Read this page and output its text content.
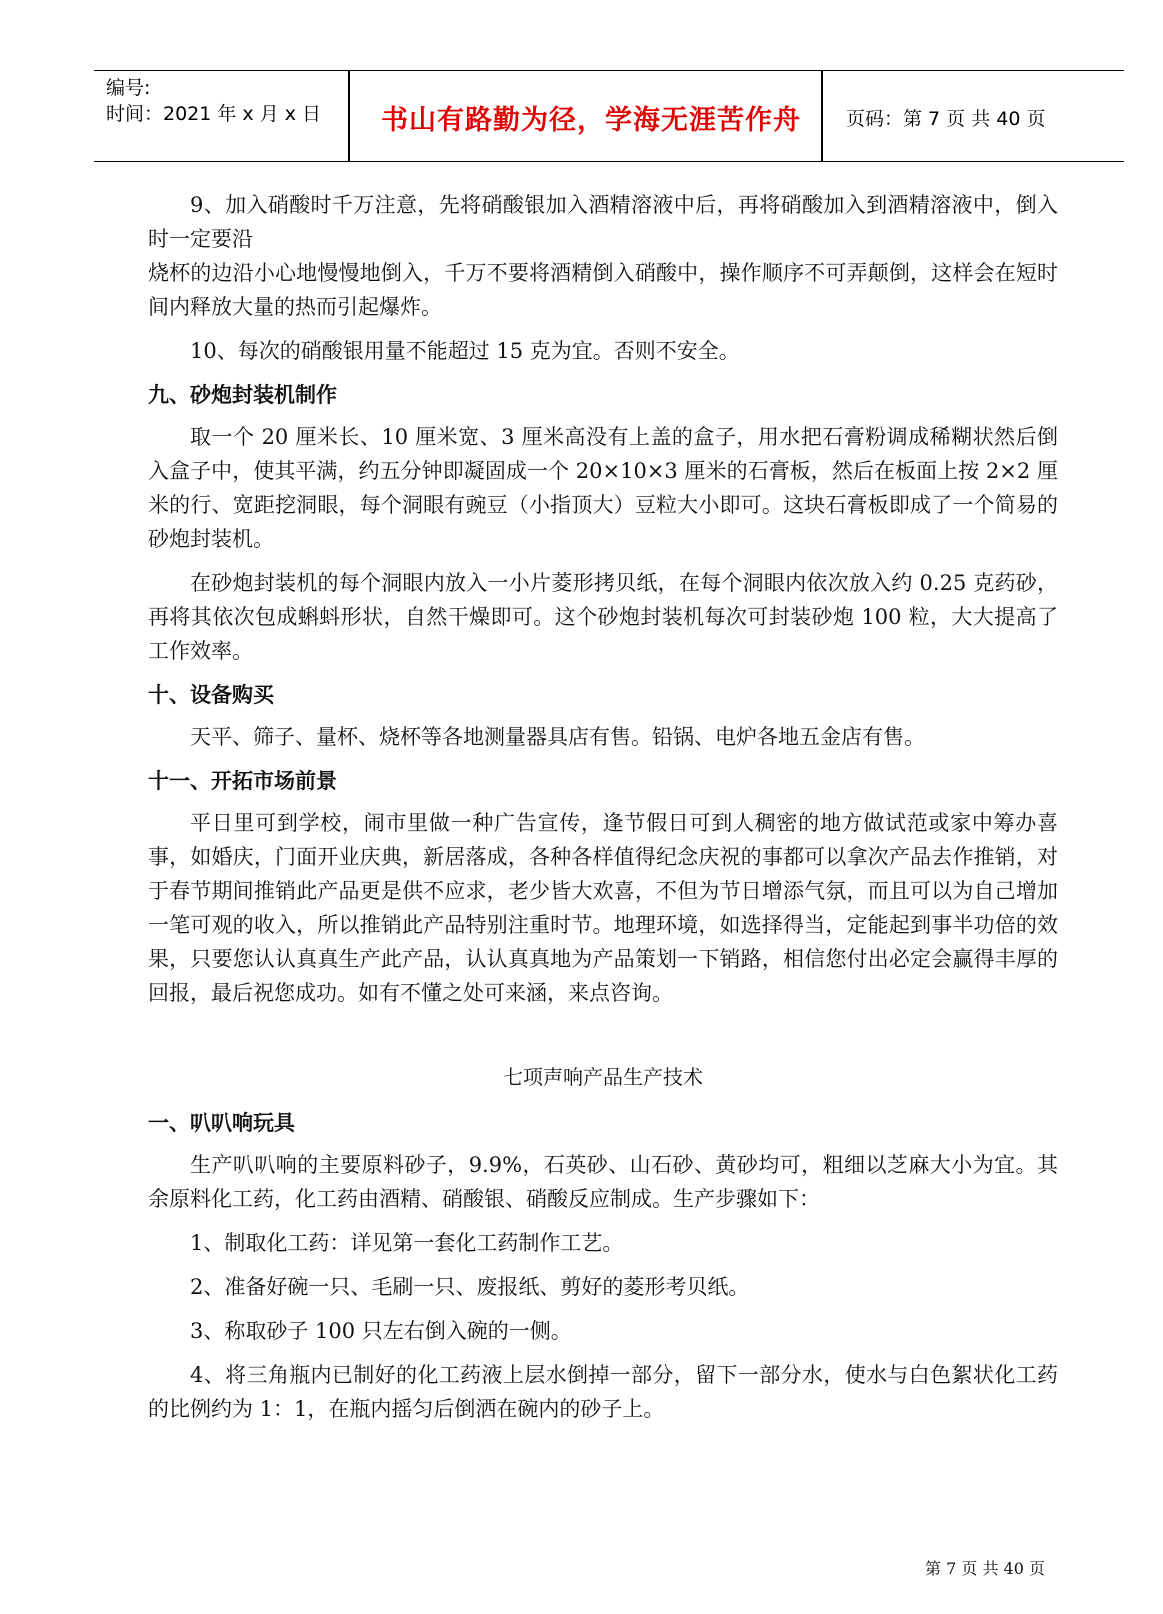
编号:
时间：2021 年 x 月 x 日	书山有路勤为径，学海无涯苦作舟	页码：第 7 页 共 40 页

9、加入硝酸时千万注意，先将硝酸银加入酒精溶液中后，再将硝酸加入到酒精溶液中，倒入时一定要沿

烧杯的边沿小心地慢慢地倒入，千万不要将酒精倒入硝酸中，操作顺序不可弄颠倒，这样会在短时间内释放大量的热而引起爆炸。

10、每次的硝酸银用量不能超过 15 克为宜。否则不安全。

九、砂炮封装机制作

取一个 20 厘米长、10 厘米宽、3 厘米高没有上盖的盒子，用水把石膏粉调成稀糊状然后倒入盒子中，使其平满，约五分钟即凝固成一个 20×10×3 厘米的石膏板，然后在板面上按 2×2 厘米的行、宽距挖洞眼，每个洞眼有豌豆（小指顶大）豆粒大小即可。这块石膏板即成了一个简易的砂炮封装机。

在砂炮封装机的每个洞眼内放入一小片菱形拷贝纸，在每个洞眼内依次放入约 0.25 克药砂，再将其依次包成蝌蚪形状，自然干燥即可。这个砂炮封装机每次可封装砂炮 100 粒，大大提高了工作效率。

十、设备购买

天平、筛子、量杯、烧杯等各地测量器具店有售。铅锅、电炉各地五金店有售。

十一、开拓市场前景

平日里可到学校，闹市里做一种广告宣传，逢节假日可到人稠密的地方做试范或家中筹办喜事，如婚庆，门面开业庆典，新居落成，各种各样值得纪念庆祝的事都可以拿次产品去作推销，对于春节期间推销此产品更是供不应求，老少皆大欢喜，不但为节日增添气氛，而且可以为自己增加一笔可观的收入，所以推销此产品特别注重时节。地理环境，如选择得当，定能起到事半功倍的效果，只要您认认真真生产此产品，认认真真地为产品策划一下销路，相信您付出必定会赢得丰厚的回报，最后祝您成功。如有不懂之处可来涵，来点咨询。

七项声响产品生产技术
一、叭叭响玩具

生产叭叭响的主要原料砂子，9.9%，石英砂、山石砂、黄砂均可，粗细以芝麻大小为宜。其余原料化工药，化工药由酒精、硝酸银、硝酸反应制成。生产步骤如下：

1、制取化工药：详见第一套化工药制作工艺。

2、准备好碗一只、毛刷一只、废报纸、剪好的菱形考贝纸。

3、称取砂子 100 只左右倒入碗的一侧。

4、将三角瓶内已制好的化工药液上层水倒掉一部分，留下一部分水，使水与白色絮状化工药的比例约为 1：1，在瓶内摇匀后倒洒在碗内的砂子上。

第 7 页 共 40 页
